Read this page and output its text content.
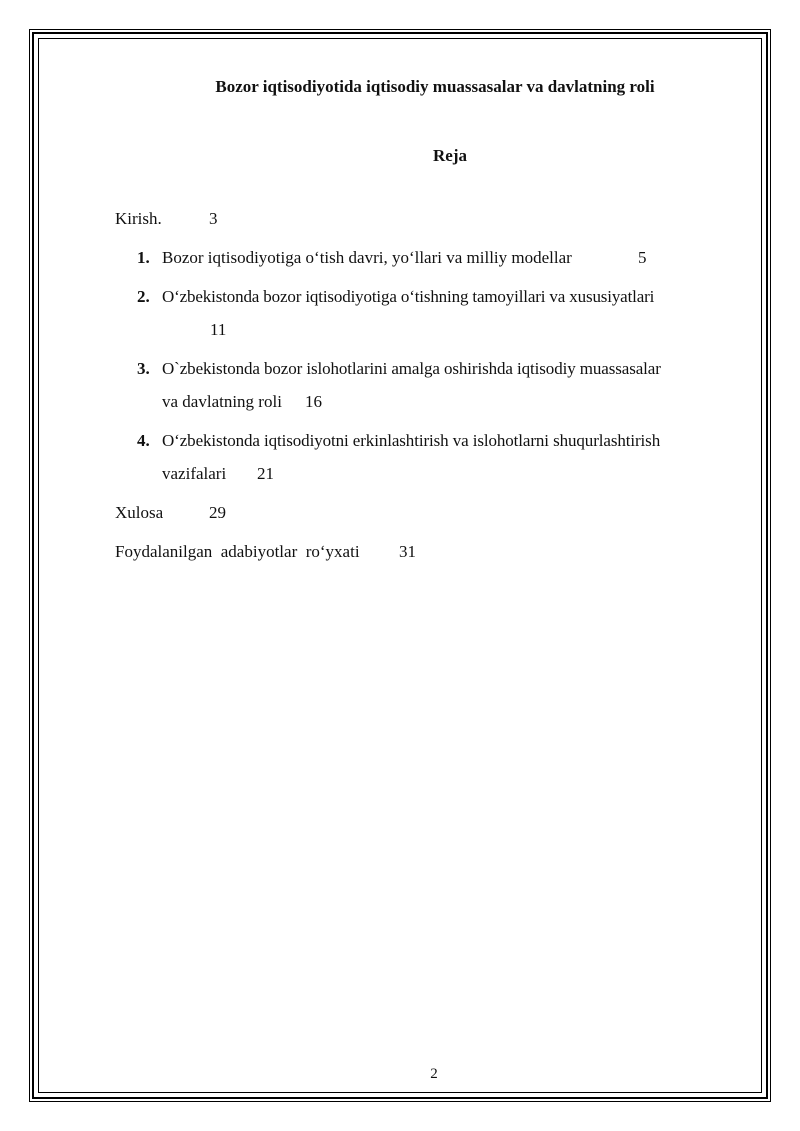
Bozor iqtisodiyotida iqtisodiy muassasalar va davlatning roli
Reja
Kirish.	3
1. Bozor iqtisodiyotiga o‘tish davri, yo‘llari va milliy modellar	5
2. O‘zbekistonda bozor iqtisodiyotiga o‘tishning tamoyillari va xususiyatlari
11
3. O`zbekistonda bozor islohotlarini amalga oshirishda iqtisodiy muassasalar
va davlatning roli 16
4. O‘zbekistonda iqtisodiyotni erkinlashtirish va islohotlarni shuqurlashtirish
vazifalari 21
Xulosa	29
Foydalanilgan  adabiyotlar  ro‘yxati 31
2
